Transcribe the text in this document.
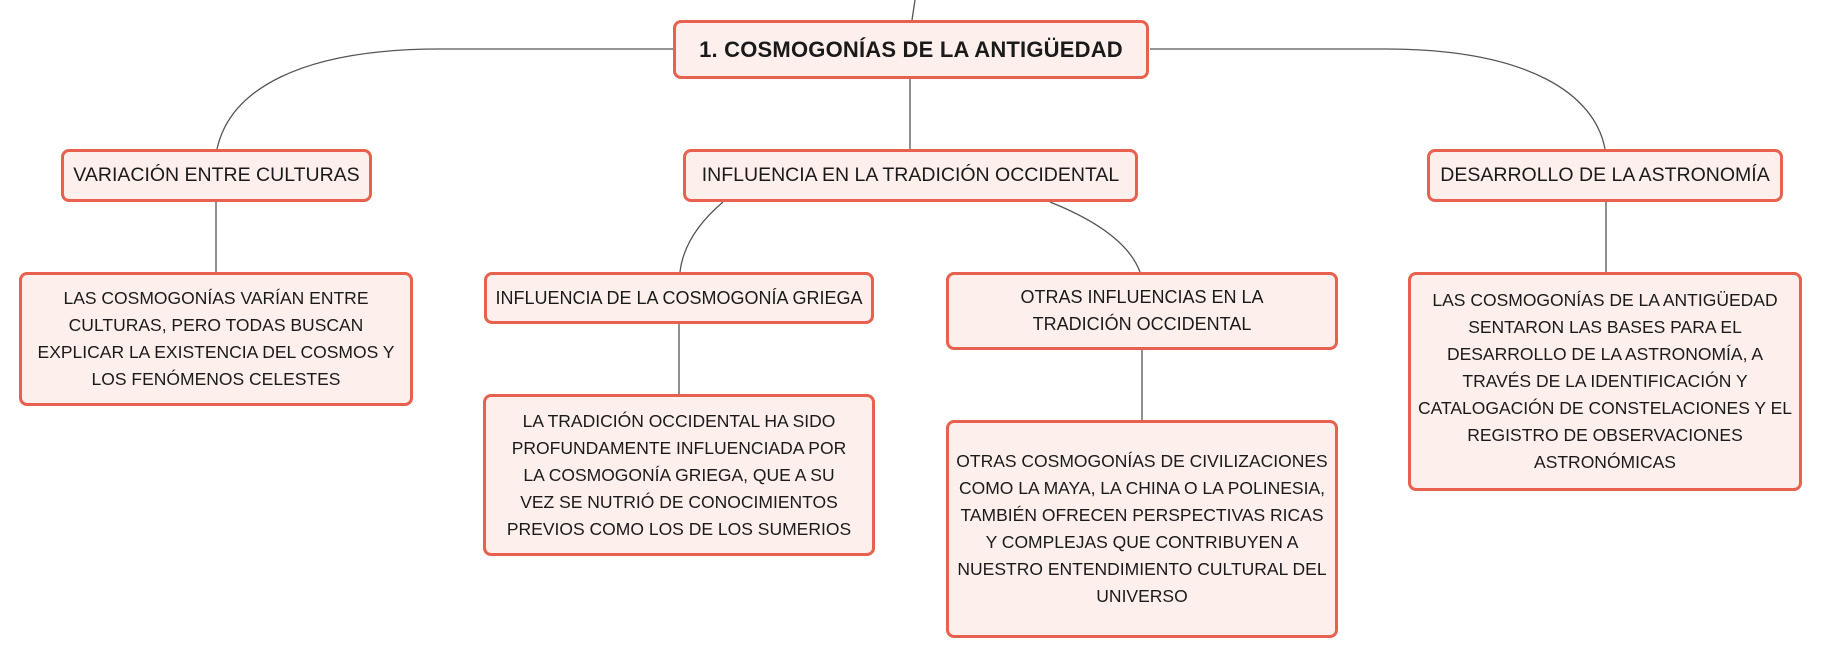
1. COSMOGONÍAS DE LA ANTIGÜEDAD
VARIACIÓN ENTRE CULTURAS	INFLUENCIA EN LA TRADICIÓN OCCIDENTAL	DESARROLLO DE LA ASTRONOMÍA
LAS COSMOGONÍAS VARÍAN ENTRE CULTURAS, PERO TODAS BUSCAN EXPLICAR LA EXISTENCIA DEL COSMOS Y LOS FENÓMENOS CELESTES
INFLUENCIA DE LA COSMOGONÍA GRIEGA	OTRAS INFLUENCIAS EN LA TRADICIÓN OCCIDENTAL
LA TRADICIÓN OCCIDENTAL HA SIDO PROFUNDAMENTE INFLUENCIADA POR LA COSMOGONÍA GRIEGA, QUE A SU VEZ SE NUTRIÓ DE CONOCIMIENTOS PREVIOS COMO LOS DE LOS SUMERIOS
OTRAS COSMOGONÍAS DE CIVILIZACIONES COMO LA MAYA, LA CHINA O LA POLINESIA, TAMBIÉN OFRECEN PERSPECTIVAS RICAS Y COMPLEJAS QUE CONTRIBUYEN A NUESTRO ENTENDIMIENTO CULTURAL DEL UNIVERSO
LAS COSMOGONÍAS DE LA ANTIGÜEDAD SENTARON LAS BASES PARA EL DESARROLLO DE LA ASTRONOMÍA, A TRAVÉS DE LA IDENTIFICACIÓN Y CATALOGACIÓN DE CONSTELACIONES Y EL REGISTRO DE OBSERVACIONES ASTRONÓMICAS
